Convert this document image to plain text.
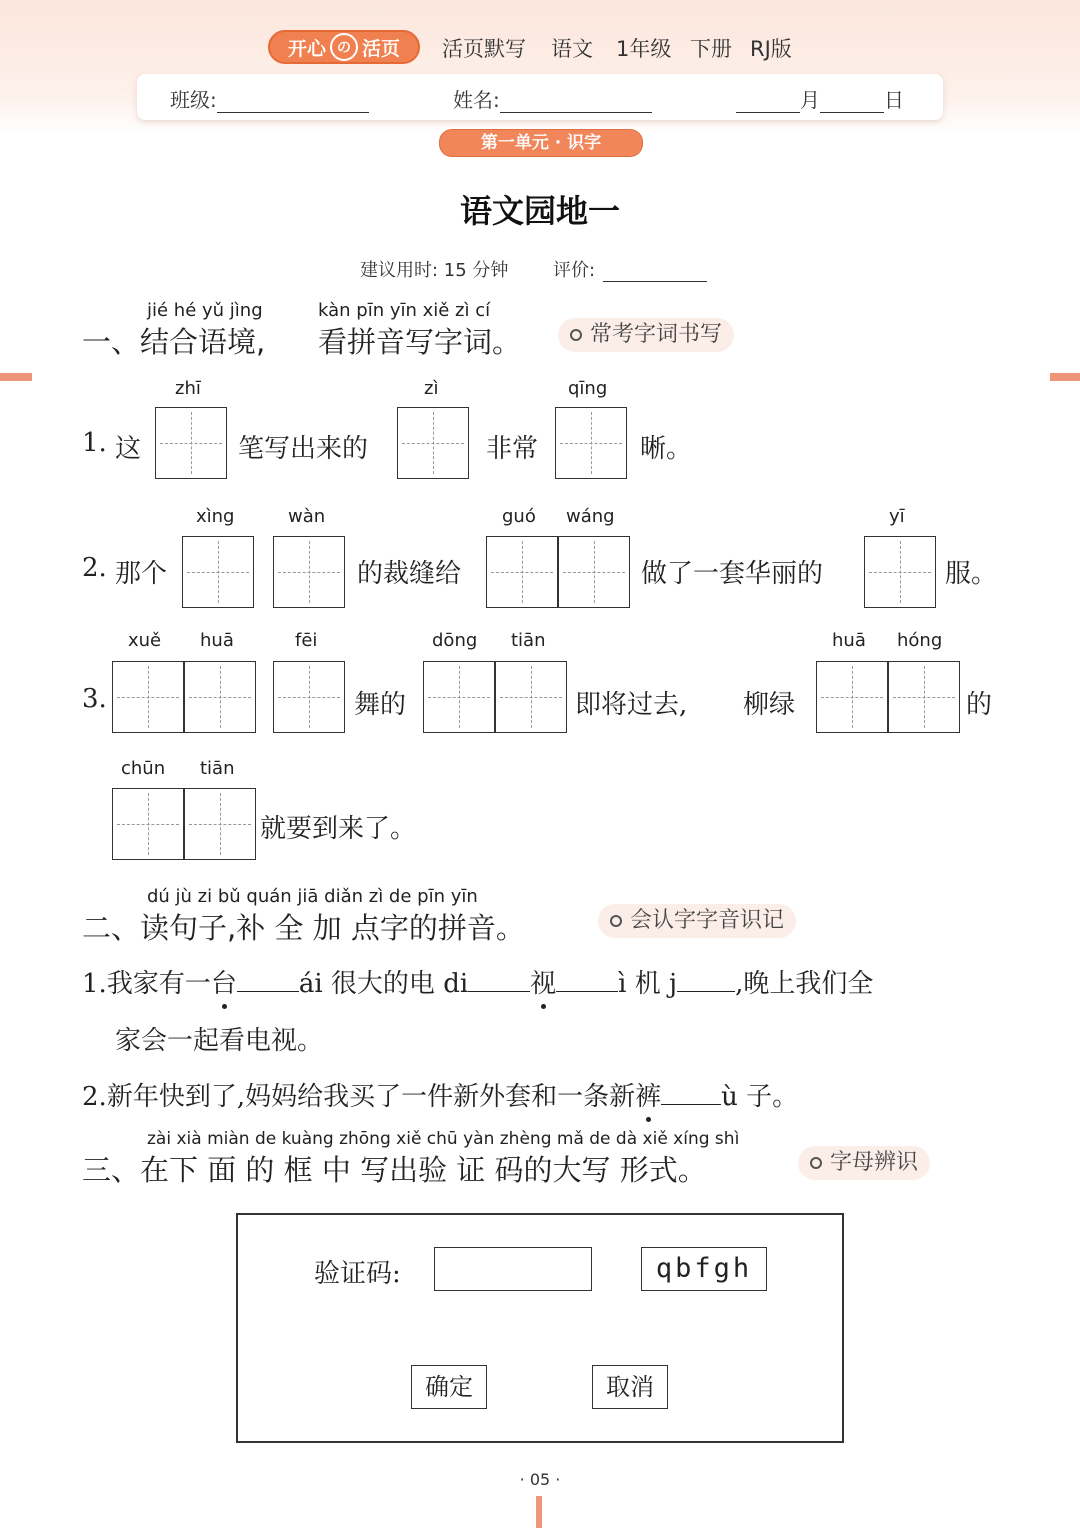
开心 の 活页 活页默写 语文 1年级 下册 RJ版
班级:	姓名:	月	日
第一单元 · 识字
语文园地一
建议用时: 15 分钟 评价:
jié hé yǔ jìng	kàn pīn yīn xiě zì cí
一、结合语境, 看拼音写字词。	常考字词书写
zhī	zì	qīng
1. 这	笔写出来的	非常	晰。
xìng	wàn	guó wáng	yī
2. 那个	的裁缝给	做了一套华丽的	服。
xuě huā	fēi	dōng tiān	huā hóng
3.	舞的	即将过去, 柳绿	的
chūn tiān
就要到来了。
dú jù zi bǔ quán jiā diǎn zì de pīn yīn
二、读句子,补 全 加 点字的拼音。	会认字字音识记
1.我家有一台 ái 很大的电 di 视 ì 机 j ,晚上我们全
家会一起看电视。
2.新年快到了,妈妈给我买了一件新外套和一条新裤 ù 子。
zài xià miàn de kuàng zhōng xiě chū yàn zhèng mǎ de dà xiě xíng shì
三、在下 面 的 框 中 写出验 证 码的大写 形式。	字母辨识
验证码:	qbfgh
确定	取消
· 05 ·
